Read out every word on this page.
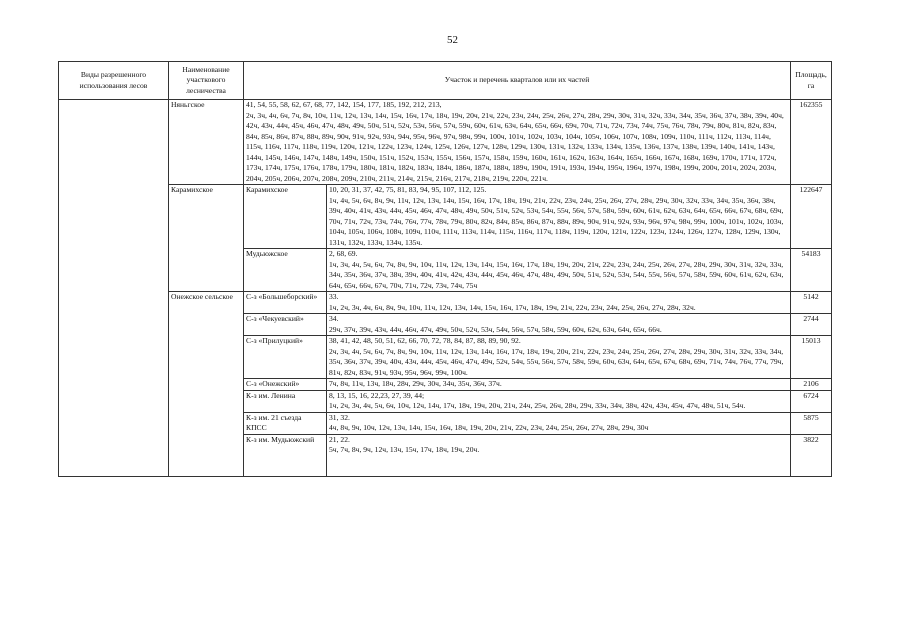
52
Виды разрешенного использования лесов	Наименование участкового лесничества	Участок и перечень кварталов или их частей		Площадь, га
	Няньгское	41, 54, 55, 58, 62, 67, 68, 77, 142, 154, 177, 185, 192, 212, 213,
2ч, 3ч, 4ч, 6ч, 7ч, 8ч, 10ч, 11ч, 12ч, 13ч, 14ч, 15ч, 16ч, 17ч, 18ч, 19ч, 20ч, 21ч, 22ч, 23ч, 24ч, 25ч, 26ч, 27ч, 28ч, 29ч, 30ч, 31ч, 32ч, 33ч, 34ч, 35ч, 36ч, 37ч, 38ч, 39ч, 40ч, 42ч, 43ч, 44ч, 45ч, 46ч, 47ч, 48ч, 49ч, 50ч, 51ч, 52ч, 53ч, 56ч, 57ч, 59ч, 60ч, 61ч, 63ч, 64ч, 65ч, 66ч, 69ч, 70ч, 71ч, 72ч, 73ч, 74ч, 75ч, 76ч, 78ч, 79ч, 80ч, 81ч, 82ч, 83ч, 84ч, 85ч, 86ч, 87ч, 88ч, 89ч, 90ч, 91ч, 92ч, 93ч, 94ч, 95ч, 96ч, 97ч, 98ч, 99ч, 100ч, 101ч, 102ч, 103ч, 104ч, 105ч, 106ч, 107ч, 108ч, 109ч, 110ч, 111ч, 112ч, 113ч, 114ч, 115ч, 116ч, 117ч, 118ч, 119ч, 120ч, 121ч, 122ч, 123ч, 124ч, 125ч, 126ч, 127ч, 128ч, 129ч, 130ч, 131ч, 132ч, 133ч, 134ч, 135ч, 136ч, 137ч, 138ч, 139ч, 140ч, 141ч, 143ч, 144ч, 145ч, 146ч, 147ч, 148ч, 149ч, 150ч, 151ч, 152ч, 153ч, 155ч, 156ч, 157ч, 158ч, 159ч, 160ч, 161ч, 162ч, 163ч, 164ч, 165ч, 166ч, 167ч, 168ч, 169ч, 170ч, 171ч, 172ч, 173ч, 174ч, 175ч, 176ч, 178ч, 179ч, 180ч, 181ч, 182ч, 183ч, 184ч, 186ч, 187ч, 188ч, 189ч, 190ч, 191ч, 193ч, 194ч, 195ч, 196ч, 197ч, 198ч, 199ч, 200ч, 201ч, 202ч, 203ч, 204ч, 205ч, 206ч, 207ч, 208ч, 209ч, 210ч, 211ч, 214ч, 215ч, 216ч, 217ч, 218ч, 219ч, 220ч, 221ч.		162355
	Карамихское	Карамихское	10, 20, 31, 37, 42, 75, 81, 83, 94, 95, 107, 112, 125.
1ч, 4ч, 5ч, 6ч, 8ч, 9ч, 11ч, 12ч, 13ч, 14ч, 15ч, 16ч, 17ч, 18ч, 19ч, 21ч, 22ч, 23ч, 24ч, 25ч, 26ч, 27ч, 28ч, 29ч, 30ч, 32ч, 33ч, 34ч, 35ч, 36ч, 38ч, 39ч, 40ч, 41ч, 43ч, 44ч, 45ч, 46ч, 47ч, 48ч, 49ч, 50ч, 51ч, 52ч, 53ч, 54ч, 55ч, 56ч, 57ч, 58ч, 59ч, 60ч, 61ч, 62ч, 63ч, 64ч, 65ч, 66ч, 67ч, 68ч, 69ч, 70ч, 71ч, 72ч, 73ч, 74ч, 76ч, 77ч, 78ч, 79ч, 80ч, 82ч, 84ч, 85ч, 86ч, 87ч, 88ч, 89ч, 90ч, 91ч, 92ч, 93ч, 96ч, 97ч, 98ч, 99ч, 100ч, 101ч, 102ч, 103ч, 104ч, 105ч, 106ч, 108ч, 109ч, 110ч, 111ч, 113ч, 114ч, 115ч, 116ч, 117ч, 118ч, 119ч, 120ч, 121ч, 122ч, 123ч, 124ч, 126ч, 127ч, 128ч, 129ч, 130ч, 131ч, 132ч, 133ч, 134ч, 135ч.	122647
		Мудьюжское	2, 68, 69.
1ч, 3ч, 4ч, 5ч, 6ч, 7ч, 8ч, 9ч, 10ч, 11ч, 12ч, 13ч, 14ч, 15ч, 16ч, 17ч, 18ч, 19ч, 20ч, 21ч, 22ч, 23ч, 24ч, 25ч, 26ч, 27ч, 28ч, 29ч, 30ч, 31ч, 32ч, 33ч, 34ч, 35ч, 36ч, 37ч, 38ч, 39ч, 40ч, 41ч, 42ч, 43ч, 44ч, 45ч, 46ч, 47ч, 48ч, 49ч, 50ч, 51ч, 52ч, 53ч, 54ч, 55ч, 56ч, 57ч, 58ч, 59ч, 60ч, 61ч, 62ч, 63ч, 64ч, 65ч, 66ч, 67ч, 70ч, 71ч, 72ч, 73ч, 74ч, 75ч	54183
	Онежское сельское	С-з «Большеборский»	33.
1ч, 2ч, 3ч, 4ч, 6ч, 8ч, 9ч, 10ч, 11ч, 12ч, 13ч, 14ч, 15ч, 16ч, 17ч, 18ч, 19ч, 21ч, 22ч, 23ч, 24ч, 25ч, 26ч, 27ч, 28ч, 32ч.	5142
		С-з «Чекуевский»	34.
29ч, 37ч, 39ч, 43ч, 44ч, 46ч, 47ч, 49ч, 50ч, 52ч, 53ч, 54ч, 56ч, 57ч, 58ч, 59ч, 60ч, 62ч, 63ч, 64ч, 65ч, 66ч.	2744
		С-з «Прилуцкий»	38, 41, 42, 48, 50, 51, 62, 66, 70, 72, 78, 84, 87, 88, 89, 90, 92.
2ч, 3ч, 4ч, 5ч, 6ч, 7ч, 8ч, 9ч, 10ч, 11ч, 12ч, 13ч, 14ч, 16ч, 17ч, 18ч, 19ч, 20ч, 21ч, 22ч, 23ч, 24ч, 25ч, 26ч, 27ч, 28ч, 29ч, 30ч, 31ч, 32ч, 33ч, 34ч, 35ч, 36ч, 37ч, 39ч, 40ч, 43ч, 44ч, 45ч, 46ч, 47ч, 49ч, 52ч, 54ч, 55ч, 56ч, 57ч, 58ч, 59ч, 60ч, 63ч, 64ч, 65ч, 67ч, 68ч, 69ч, 71ч, 74ч, 76ч, 77ч, 79ч, 81ч, 82ч, 83ч, 91ч, 93ч, 95ч, 96ч, 99ч, 100ч.	15013
		С-з «Онежский»	7ч, 8ч, 11ч, 13ч, 18ч, 28ч, 29ч, 30ч, 34ч, 35ч, 36ч, 37ч.	2106
		К-з им. Ленина	8, 13, 15, 16, 22,23, 27, 39, 44;
1ч, 2ч, 3ч, 4ч, 5ч, 6ч, 10ч, 12ч, 14ч, 17ч, 18ч, 19ч, 20ч, 21ч, 24ч, 25ч, 26ч, 28ч, 29ч, 33ч, 34ч, 38ч, 42ч, 43ч, 45ч, 47ч, 48ч, 51ч, 54ч.	6724
		К-з им. 21 съезда КПСС	31, 32.
4ч, 8ч, 9ч, 10ч, 12ч, 13ч, 14ч, 15ч, 16ч, 18ч, 19ч, 20ч, 21ч, 22ч, 23ч, 24ч, 25ч, 26ч, 27ч, 28ч, 29ч, 30ч	5875
		К-з им. Мудьюжский	21, 22.
5ч, 7ч, 8ч, 9ч, 12ч, 13ч, 15ч, 17ч, 18ч, 19ч, 20ч.	3822
